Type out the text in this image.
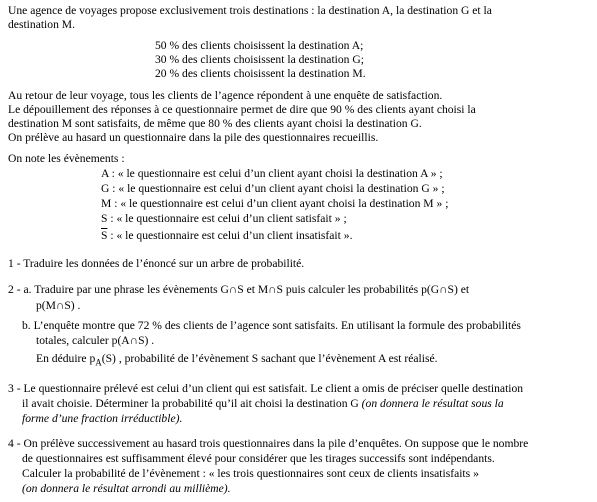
Une agence de voyages propose exclusivement trois destinations : la destination A, la destination G et la
destination M.
50 % des clients choisissent la destination A;
30 % des clients choisissent la destination G;
20 % des clients choisissent la destination M.
Au retour de leur voyage, tous les clients de l’agence répondent à une enquête de satisfaction.
Le dépouillement des réponses à ce questionnaire permet de dire que 90 % des clients ayant choisi la
destination M sont satisfaits, de même que 80 % des clients ayant choisi la destination G.
On prélève au hasard un questionnaire dans la pile des questionnaires recueillis.
On note les évènements :
A : « le questionnaire est celui d’un client ayant choisi la destination A » ;
G : « le questionnaire est celui d’un client ayant choisi la destination G » ;
M : « le questionnaire est celui d’un client ayant choisi la destination M » ;
S : « le questionnaire est celui d’un client satisfait » ;
$\overline{S}$ : « le questionnaire est celui d’un client insatisfait ».
1 - Traduire les données de l’énoncé sur un arbre de probabilité.
2 - a. Traduire par une phrase les évènements G∩S et M∩S puis calculer les probabilités p(G∩S) et
p(M∩S) .
b. L’enquête montre que 72 % des clients de l’agence sont satisfaits. En utilisant la formule des probabilités
totales, calculer p(A∩S) .
En déduire $p_A(S)$ , probabilité de l’évènement S sachant que l’évènement A est réalisé.
3 - Le questionnaire prélevé est celui d’un client qui est satisfait. Le client a omis de préciser quelle destination
il avait choisie. Déterminer la probabilité qu’il ait choisi la destination G (on donnera le résultat sous la
forme d’une fraction irréductible).
4 - On prélève successivement au hasard trois questionnaires dans la pile d’enquêtes. On suppose que le nombre
de questionnaires est suffisamment élevé pour considérer que les tirages successifs sont indépendants.
Calculer la probabilité de l’évènement : « les trois questionnaires sont ceux de clients insatisfaits »
(on donnera le résultat arrondi au millième).
